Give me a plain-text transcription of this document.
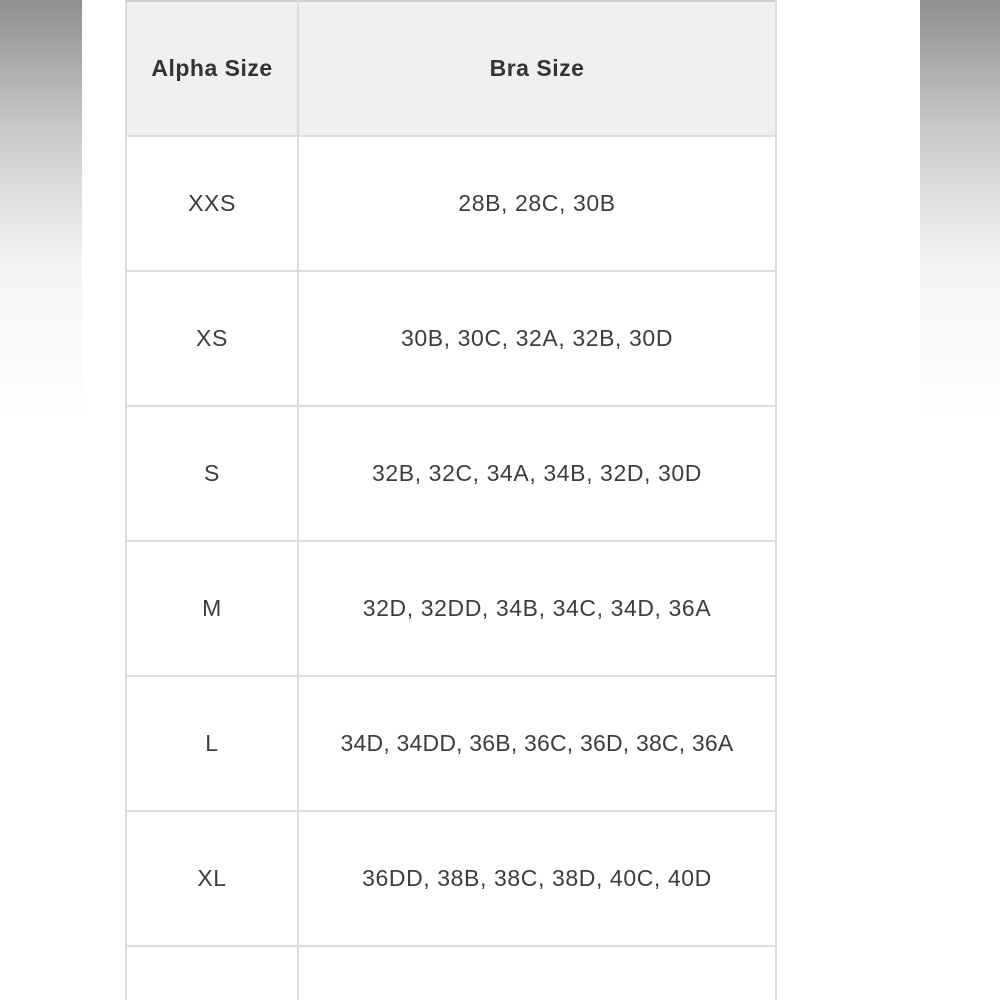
Alpha Size	Bra Size
XXS	28B, 28C, 30B
XS	30B, 30C, 32A, 32B, 30D
S	32B, 32C, 34A, 34B, 32D, 30D
M	32D, 32DD, 34B, 34C, 34D, 36A
L	34D, 34DD, 36B, 36C, 36D, 38C, 36A
XL	36DD, 38B, 38C, 38D, 40C, 40D
